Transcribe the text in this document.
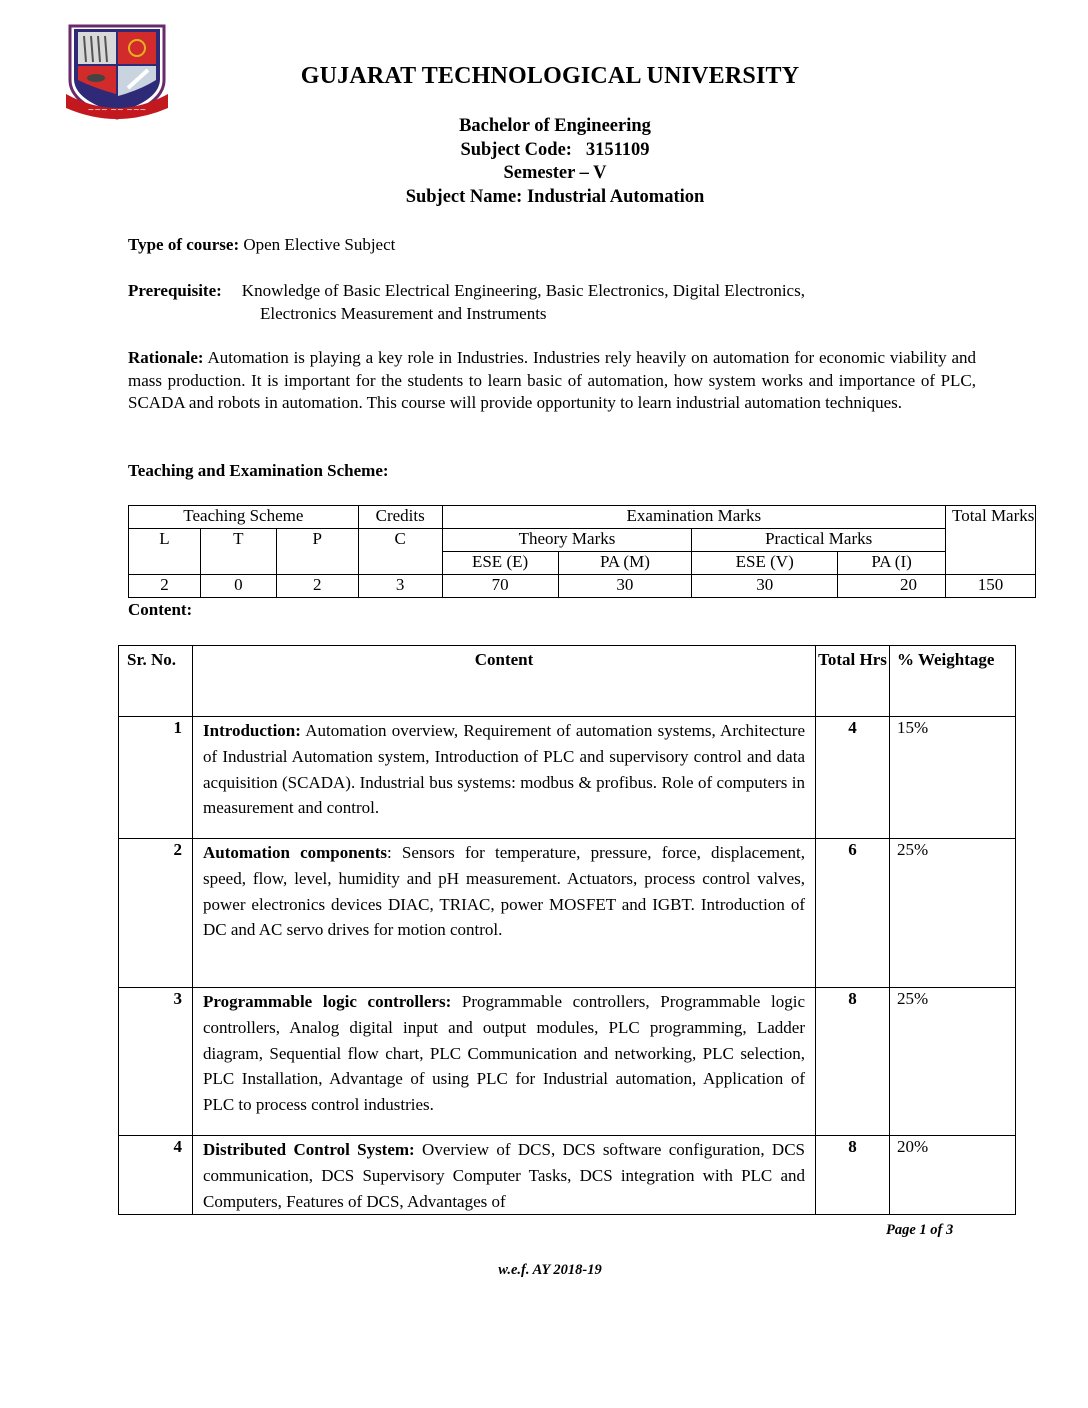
~~~ ~~ ~~~
GUJARAT TECHNOLOGICAL UNIVERSITY
Bachelor of Engineering
Subject Code: 3151109
Semester – V
Subject Name: Industrial Automation
Type of course: Open Elective Subject
Prerequisite: Knowledge of Basic Electrical Engineering, Basic Electronics, Digital Electronics,
Electronics Measurement and Instruments
Rationale: Automation is playing a key role in Industries. Industries rely heavily on automation for economic viability and mass production. It is important for the students to learn basic of automation, how system works and importance of PLC, SCADA and robots in automation. This course will provide opportunity to learn industrial automation techniques.
Teaching and Examination Scheme:
Teaching Scheme			Credits	Examination Marks				Total Marks
L	T	P	C	Theory Marks		Practical Marks		
				ESE (E)	PA (M)	ESE (V)	PA (I)	
2	0	2	3	70	30	30	20	150
Content:
Sr. No.	Content	Total Hrs	% Weightage
1	Introduction: Automation overview, Requirement of automation systems, Architecture of Industrial Automation system, Introduction of PLC and supervisory control and data acquisition (SCADA). Industrial bus systems: modbus & profibus. Role of computers in measurement and control.	4	15%
2	Automation components: Sensors for temperature, pressure, force, displacement, speed, flow, level, humidity and pH measurement. Actuators, process control valves, power electronics devices DIAC, TRIAC, power MOSFET and IGBT. Introduction of DC and AC servo drives for motion control.	6	25%
3	Programmable logic controllers: Programmable controllers, Programmable logic controllers, Analog digital input and output modules, PLC programming, Ladder diagram, Sequential flow chart, PLC Communication and networking, PLC selection, PLC Installation, Advantage of using PLC for Industrial automation, Application of PLC to process control industries.	8	25%
4	Distributed Control System: Overview of DCS, DCS software configuration, DCS communication, DCS Supervisory Computer Tasks, DCS integration with PLC and Computers, Features of DCS, Advantages of	8	20%
Page 1 of 3
w.e.f. AY 2018-19
